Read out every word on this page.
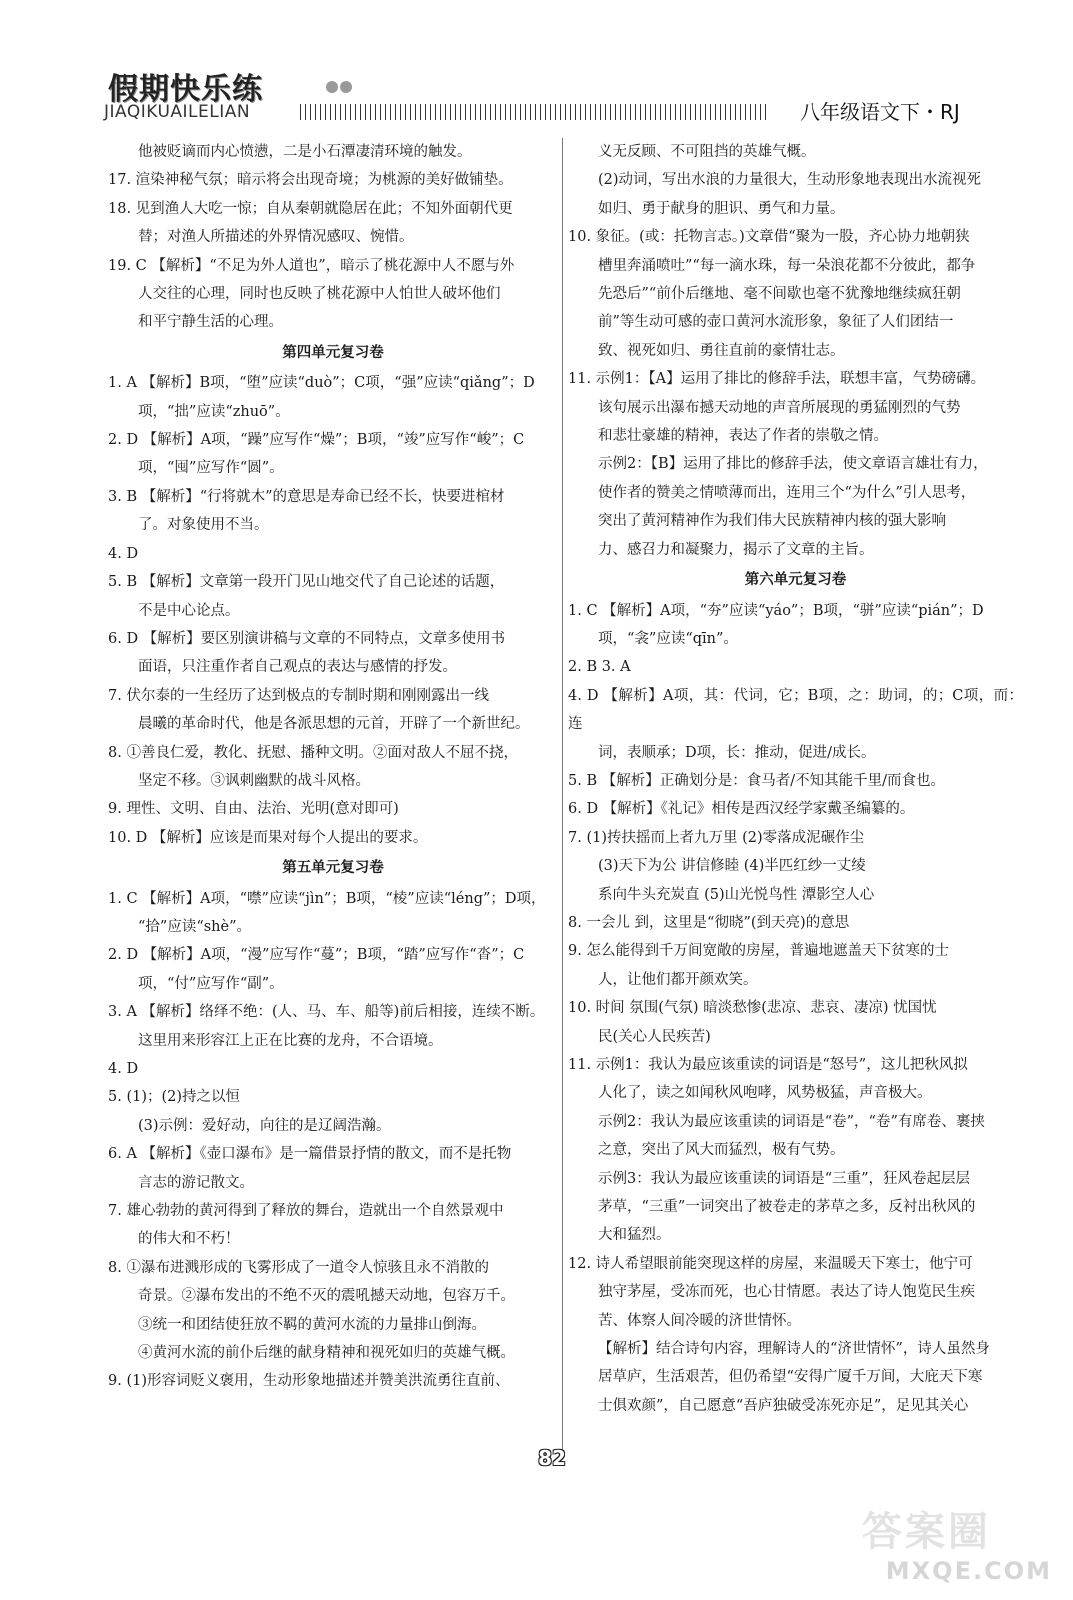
假期快乐练
JIAQIKUAILELIAN	八年级语文下・RJ

他被贬谪而内心愤懑，二是小石潭凄清环境的触发。

17. 渲染神秘气氛；暗示将会出现奇境；为桃源的美好做铺垫。

18. 见到渔人大吃一惊；自从秦朝就隐居在此；不知外面朝代更

替；对渔人所描述的外界情况感叹、惋惜。

19. C 【解析】“不足为外人道也”，暗示了桃花源中人不愿与外

人交往的心理，同时也反映了桃花源中人怕世人破坏他们

和平宁静生活的心理。

第四单元复习卷

1. A 【解析】B项，“堕”应读“duò”；C项，“强”应读“qiǎng”；D

项，“拙”应读“zhuō”。

2. D 【解析】A项，“躁”应写作“燥”；B项，“竣”应写作“峻”；C

项，“囤”应写作“圆”。

3. B 【解析】“行将就木”的意思是寿命已经不长，快要进棺材

了。对象使用不当。

4. D

5. B 【解析】文章第一段开门见山地交代了自己论述的话题，

不是中心论点。

6. D 【解析】要区别演讲稿与文章的不同特点，文章多使用书

面语，只注重作者自己观点的表达与感情的抒发。

7. 伏尔泰的一生经历了达到极点的专制时期和刚刚露出一线

晨曦的革命时代，他是各派思想的元首，开辟了一个新世纪。

8. ①善良仁爱，教化、抚慰、播种文明。②面对敌人不屈不挠，

坚定不移。③讽刺幽默的战斗风格。

9. 理性、文明、自由、法治、光明(意对即可)

10. D 【解析】应该是而果对每个人提出的要求。

第五单元复习卷

1. C 【解析】A项，“噤”应读“jìn”；B项，“棱”应读“léng”；D项，

“拾”应读“shè”。

2. D 【解析】A项，“漫”应写作“蔓”；B项，“踏”应写作“沓”；C

项，“付”应写作“副”。

3. A 【解析】络绎不绝：(人、马、车、船等)前后相接，连续不断。

这里用来形容江上正在比赛的龙舟，不合语境。

4. D

5. (1)；(2)持之以恒

(3)示例：爱好动，向往的是辽阔浩瀚。

6. A 【解析】《壶口瀑布》是一篇借景抒情的散文，而不是托物

言志的游记散文。

7. 雄心勃勃的黄河得到了释放的舞台，造就出一个自然景观中

的伟大和不朽！

8. ①瀑布进溅形成的飞雾形成了一道令人惊骇且永不消散的

奇景。②瀑布发出的不绝不灭的震吼撼天动地，包容万千。

③统一和团结使狂放不羁的黄河水流的力量排山倒海。

④黄河水流的前仆后继的献身精神和视死如归的英雄气概。

9. (1)形容词贬义褒用，生动形象地描述并赞美洪流勇往直前、

义无反顾、不可阻挡的英雄气概。

(2)动词，写出水浪的力量很大，生动形象地表现出水流视死

如归、勇于献身的胆识、勇气和力量。

10. 象征。(或：托物言志。)文章借“聚为一股，齐心协力地朝狭

槽里奔涌喷吐”“每一滴水珠，每一朵浪花都不分彼此，都争

先恐后”“前仆后继地、毫不间歇也毫不犹豫地继续疯狂朝

前”等生动可感的壶口黄河水流形象，象征了人们团结一

致、视死如归、勇往直前的豪情壮志。

11. 示例1：【A】运用了排比的修辞手法，联想丰富，气势磅礴。

该句展示出瀑布撼天动地的声音所展现的勇猛刚烈的气势

和悲壮豪雄的精神，表达了作者的崇敬之情。

示例2：【B】运用了排比的修辞手法，使文章语言雄壮有力，

使作者的赞美之情喷薄而出，连用三个“为什么”引人思考，

突出了黄河精神作为我们伟大民族精神内核的强大影响

力、感召力和凝聚力，揭示了文章的主旨。

第六单元复习卷

1. C 【解析】A项，“夯”应读“yáo”；B项，“骈”应读“pián”；D

项，“衾”应读“qīn”。

2. B 3. A

4. D 【解析】A项，其：代词，它；B项，之：助词，的；C项，而：连

词，表顺承；D项，长：推动，促进/成长。

5. B 【解析】正确划分是：食马者/不知其能千里/而食也。

6. D 【解析】《礼记》相传是西汉经学家戴圣编纂的。

7. (1)抟扶摇而上者九万里 (2)零落成泥碾作尘

(3)天下为公 讲信修睦 (4)半匹红纱一丈绫

系向牛头充炭直 (5)山光悦鸟性 潭影空人心

8. 一会儿 到，这里是“彻晓”(到天亮)的意思

9. 怎么能得到千万间宽敞的房屋，普遍地遮盖天下贫寒的士

人，让他们都开颜欢笑。

10. 时间 氛围(气氛) 暗淡愁惨(悲凉、悲哀、凄凉) 忧国忧

民(关心人民疾苦)

11. 示例1：我认为最应该重读的词语是“怒号”，这儿把秋风拟

人化了，读之如闻秋风咆哮，风势极猛，声音极大。

示例2：我认为最应该重读的词语是“卷”，“卷”有席卷、裹挟

之意，突出了风大而猛烈，极有气势。

示例3：我认为最应该重读的词语是“三重”，狂风卷起层层

茅草，“三重”一词突出了被卷走的茅草之多，反衬出秋风的

大和猛烈。

12. 诗人希望眼前能突现这样的房屋，来温暖天下寒士，他宁可

独守茅屋，受冻而死，也心甘情愿。表达了诗人饱览民生疾

苦、体察人间冷暖的济世情怀。

【解析】结合诗句内容，理解诗人的“济世情怀”，诗人虽然身

居草庐，生活艰苦，但仍希望“安得广厦千万间，大庇天下寒

士俱欢颜”，自己愿意“吾庐独破受冻死亦足”，足见其关心

82
答案圈
MXQE.COM
